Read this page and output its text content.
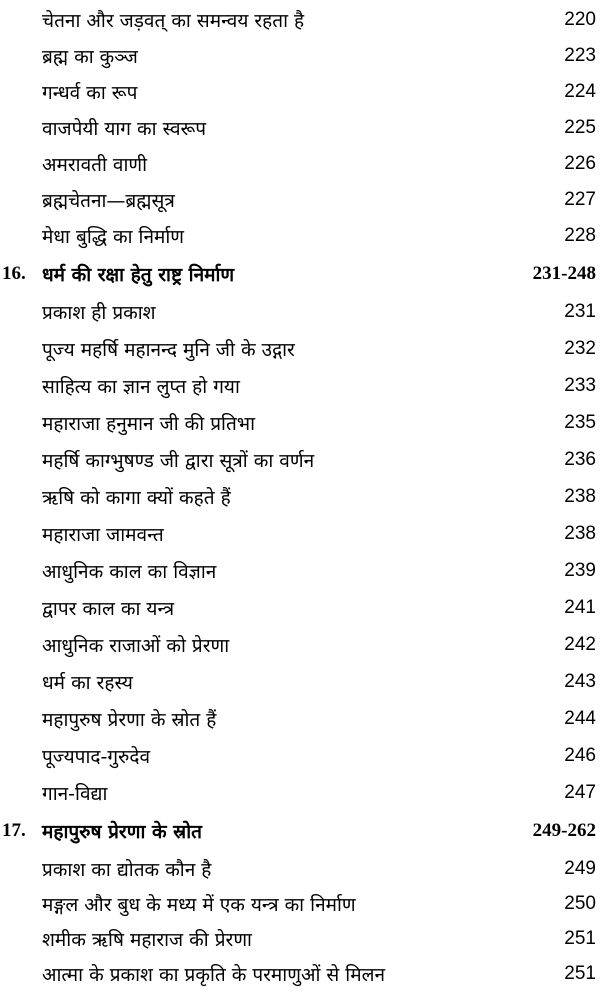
चेतना और जड़वत् का समन्वय रहता है	220
ब्रह्म का कुञ्ज	223
गन्धर्व का रूप	224
वाजपेयी याग का स्वरूप	225
अमरावती वाणी	226
ब्रह्मचेतना—ब्रह्मसूत्र	227
मेधा बुद्धि का निर्माण	228
16. धर्म की रक्षा हेतु राष्ट्र निर्माण	231-248
प्रकाश ही प्रकाश	231
पूज्य महर्षि महानन्द मुनि जी के उद्गार	232
साहित्य का ज्ञान लुप्त हो गया	233
महाराजा हनुमान जी की प्रतिभा	235
महर्षि काग्भुषण्ड जी द्वारा सूत्रों का वर्णन	236
ऋषि को कागा क्यों कहते हैं	238
महाराजा जामवन्त	238
आधुनिक काल का विज्ञान	239
द्वापर काल का यन्त्र	241
आधुनिक राजाओं को प्रेरणा	242
धर्म का रहस्य	243
महापुरुष प्रेरणा के स्रोत हैं	244
पूज्यपाद-गुरुदेव	246
गान-विद्या	247
17. महापुरुष प्रेरणा के स्रोत	249-262
प्रकाश का द्योतक कौन है	249
मङ्गल और बुध के मध्य में एक यन्त्र का निर्माण	250
शमीक ऋषि महाराज की प्रेरणा	251
आत्मा के प्रकाश का प्रकृति के परमाणुओं से मिलन	251
